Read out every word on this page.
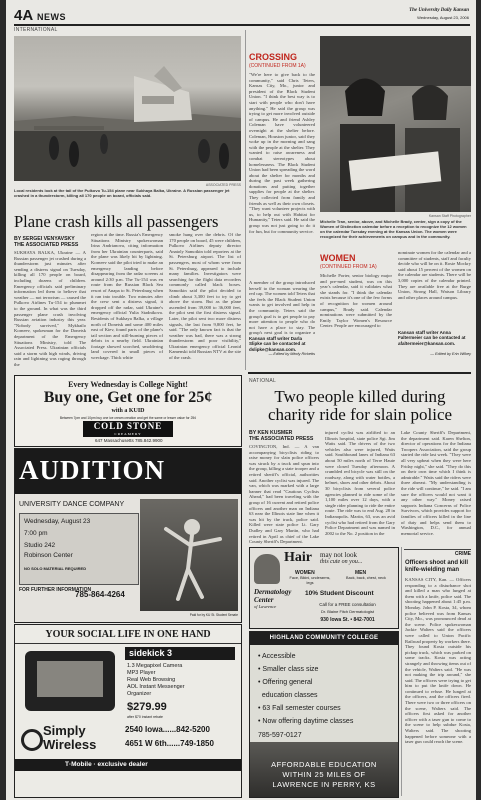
4A NEWS
The University Daily Kansan
Wednesday, August 23, 2006
INTERNATIONAL
ASSOCIATED PRESS
Local residents look at the tail of the Pulkovo Tu-154 plane near Sukhaya Balka, Ukraine. A Russian passenger jet crashed in a thunderstorm, killing all 170 people on board, officials said.
Plane crash kills all passengers
BY SERGEI VENYAVSKY
THE ASSOCIATED PRESS
SUKHAYA BALKA, Ukraine — A Russian passenger jet crashed during a thunderstorm just minutes after sending a distress signal on Tuesday, killing all 170 people on board, including dozens of children. Emergency officials said preliminary information led them to believe that weather — not terrorism — caused the Pulkovo Airlines Tu-154 to plummet to the ground. In what was the third passenger plane crash involving Russian aviation industry this year. "Nobody survived," Mykhailo Korneev, spokesman for the Donetsk department of the Emergency Situations Ministry, told The Associated Press. Ukrainian officials said a storm with high winds, driving rain and lightning was raging through the
region at the time. Russia's Emergency Situations Ministry spokeswoman Irina Andrianova, citing information from her Ukrainian counterparts, said the plane was likely hit by lightning. Korneev said the pilot tried to make an emergency landing before disappearing from the radar screens at around 2:30 p.m. The Tu-154 was en route from the Russian Black Sea resort of Anapa to St. Petersburg when it ran into trouble. Two minutes after the crew sent a distress signal, it dropped off the radar, said Ukraine's emergency official Yulia Stadnikova. Residents of Sukhaya Balka, a village north of Donetsk and some 400 miles east of Kiev, found parts of the plane's tail section and still-burning pieces of debris in a nearby field. Ukrainian footage showed scorched, smoldering land covered in small pieces of wreckage. Thick white
smoke hung over the debris. Of the 170 people on board, 45 were children, Pulkovo Airlines deputy director Anatoly Samotkin told reporters at the St. Petersburg airport. The list of passengers, most of whom were from St. Petersburg, appeared to include many families. Investigators were searching for the flight data recorders commonly called black boxes. Samotkin said the pilot decided to climb about 3,300 feet to try to get above the storm. But as the plane ascended from 39,000 to 36,000 feet, the pilot sent the first distress signal. Later, the pilot sent two more distress signals, the last from 9,800 feet, he said. "The only known fact is that the weather was bad, there was a strong thunderstorm and poor visibility," Ukrainian emergency official Leonid Kamenski told Russian NTV at the site of the crash.
CROSSING
(CONTINUED FROM 1A)
"We're here to give back to the community," said Chris Teters, Kansas City, Mo., junior and president of the Black Student Union. "I think the best way is to start with people who don't have anything." He said the group was trying to get more involved outside of campus. He and friend Ashley Coleman have volunteered overnight at the shelter before. Coleman, Houston junior, said they woke up in the morning and sang with the people at the shelter. They wanted to raise awareness and combat stereotypes about homelessness. The Black Student Union had been spreading the word about the shelter for months and during the past week gathering donations and putting together supplies for people at the shelter. They collected from family and friends as well as their own closets. "They want volunteer projects with us, to help out with Habitat for Humanity," Teters said. He said the group was not just going to do it for fun, but for community service.
A member of the group introduced herself to the woman wearing the red cap. The women told Teters that she feels the Black Student Union wants to get involved and help in the community. Teters said the group's goal is to get people to pay more attention to people who do not have a place to stay. The group's next goal is to organize a
Kansan staff writer Darla Slipke can be contacted at dslipke@kansan.com.
— Edited by Mindy Ricketts
Kansan Staff Photographer
Michelle Tran, senior, above, and Michelle Brady, center, sign a copy of the Women of Distinction calendar before a reception to recognize the 12 women on the calendar Tuesday evening at the Kansas Union. The women were recognized for their achievements on campus and in the community.
WOMEN
(CONTINUED FROM 1A)
Michelle Porter, senior biology major and pre-med student, was on this year's calendar, said it validates what she stands for. "I think the calendar exists because it's one of the few forms of recognition for women around campus," Brady said. Calendar nominations were submitted by the Emily Taylor Women's Resource Center. People are encouraged to
nominate women for the calendar and a committee of students, staff and faculty decide who will be on it. Rosie Mockry said about 15 percent of the women on the calendar are students. There will be 3,000 copies of the calendar printed. They are available free at the Burge Union, Strong Hall, Watson Library and other places around campus.
Kansan staff writer Anna Faltermeier can be contacted at afaltermeier@kansan.com.
— Edited by Erin Wilkey
Every Wednesday is College Night!
Buy one, Get one for 25¢
with a KUID
Between 7pm and 10pm buy one ice cream creation and get the same or lesser value for 25¢
COLD STONE
CREAMERY
647 Massachusetts 785.842.9900
AUDITION
UNIVERSITY DANCE COMPANY
Wednesday, August 23
7:00 pm
Studio 242
Robinson Center
NO SOLO MATERIAL REQUIRED
FOR FURTHER INFORMATION
785-864-4264
Paid for by KU St. Student Senate
YOUR SOCIAL LIFE IN ONE HAND
sidekick 3
1.3 Megapixel Camera
MP3 Player
Real Web Browsing
AOL Instant Messenger
Organizer
$279.99
after $70 instant rebate
Simply
Wireless
2540 Iowa......842-5200
4651 W 6th......749-1850
T·Mobile · exclusive dealer
NATIONAL
Two people killed during
charity ride for slain police
BY KEN KUSMER
THE ASSOCIATED PRESS
COVINGTON, Ind. — A van accompanying bicyclists riding to raise money for slain police officers was struck by a truck and spun into the group, killing a state trooper and a retired sheriff's official, authorities said. Another cyclist was injured. The van, which was marked with a large banner that read "Cautious Cyclists Ahead," had been traveling with the group of 16 current and retired police officers and another man on Indiana 63 near the Illinois state line when it was hit by the truck, police said. Killed were state police Lt. Gary Dudley and Gary Martin, who had retired in April as chief of the Lake County Sheriff's Department.
injured cyclist was airlifted to an Illinois hospital, state police Sgt. Jim Watts said. The drivers of the two vehicles also were injured, Watts said. Southbound lanes of Indiana 63 about 50 miles north of Terre Haute were closed Tuesday afternoon. A crumbled red bicycle was still on the roadway, along with water bottles, a helmet, shoes and other debris. About 30 bicyclists from several police agencies planned to ride some of the 1,100 miles over 12 days, with a single rider planning to ride the entire route. The ride was to end Aug. 28 in Indianapolis. Martin, 63, was an avid cyclist who had retired from the Gary Police Department and was named in 2002 to the No. 2 position in the
Lake County Sheriff's Department, the department said. Karen Shelton, director of operations for the Indiana Troopers Association, said the group started the ride last week. "They were all very upbeat when they were here Friday night," she said. "They do this on their own time which I think is admirable." Watts said the riders were three abreast. "My understanding is the ride will continue," he said. "I am sure the officers would not want it any other way." Money raised supports Indiana Concerns of Police Survivors, which provides support for families of officers killed in the line of duty and helps send them to Washington, D.C., for annual memorial service.
Hair may not look
this cute on you...
WOMEN
Face, Bikini, underarms, legs
MEN
Back, back, chest, neck
Dermatology
Center
of Lawrence
10% Student Discount
Call for a FREE consultation
Dr. Blaine Fitch Dermatologist
930 Iowa St. • 842-7001
HIGHLAND COMMUNITY COLLEGE
• Accessible
• Smaller class size
• Offering general
education classes
• 63 Fall semester courses
• Now offering daytime classes
785-597-0127
AFFORDABLE EDUCATION
WITHIN 25 MILES OF
LAWRENCE IN PERRY, KS
CRIME
Officers shoot and kill knife-wielding man
KANSAS CITY, Kan. — Officers responding to a disturbance shot and killed a man who lunged at them with a knife, police said. The shooting happened about 1:45 p.m. Monday. John P. Kosta, 34, whom police believed was from Kansas City, Mo., was pronounced dead at the scene. Police spokeswoman Jackie Walters said the officers were called to Union Pacific Railroad property by workers there. They found Kosta outside his pickup truck, which was parked on some tracks. Kosta was acting strangely and throwing items out of the vehicle, Walters said. "He was not making the trip around," she said. The officers were trying to get him to put the knife down. He continued to refuse. He lunged at the officers, and the officers fired. There were two or three officers on the scene, Walters said. The officers first asked for another officer with a taser gun to come to the scene to help subdue Kosta, Walters said. The shooting happened before someone with a taser gun could reach the scene.
